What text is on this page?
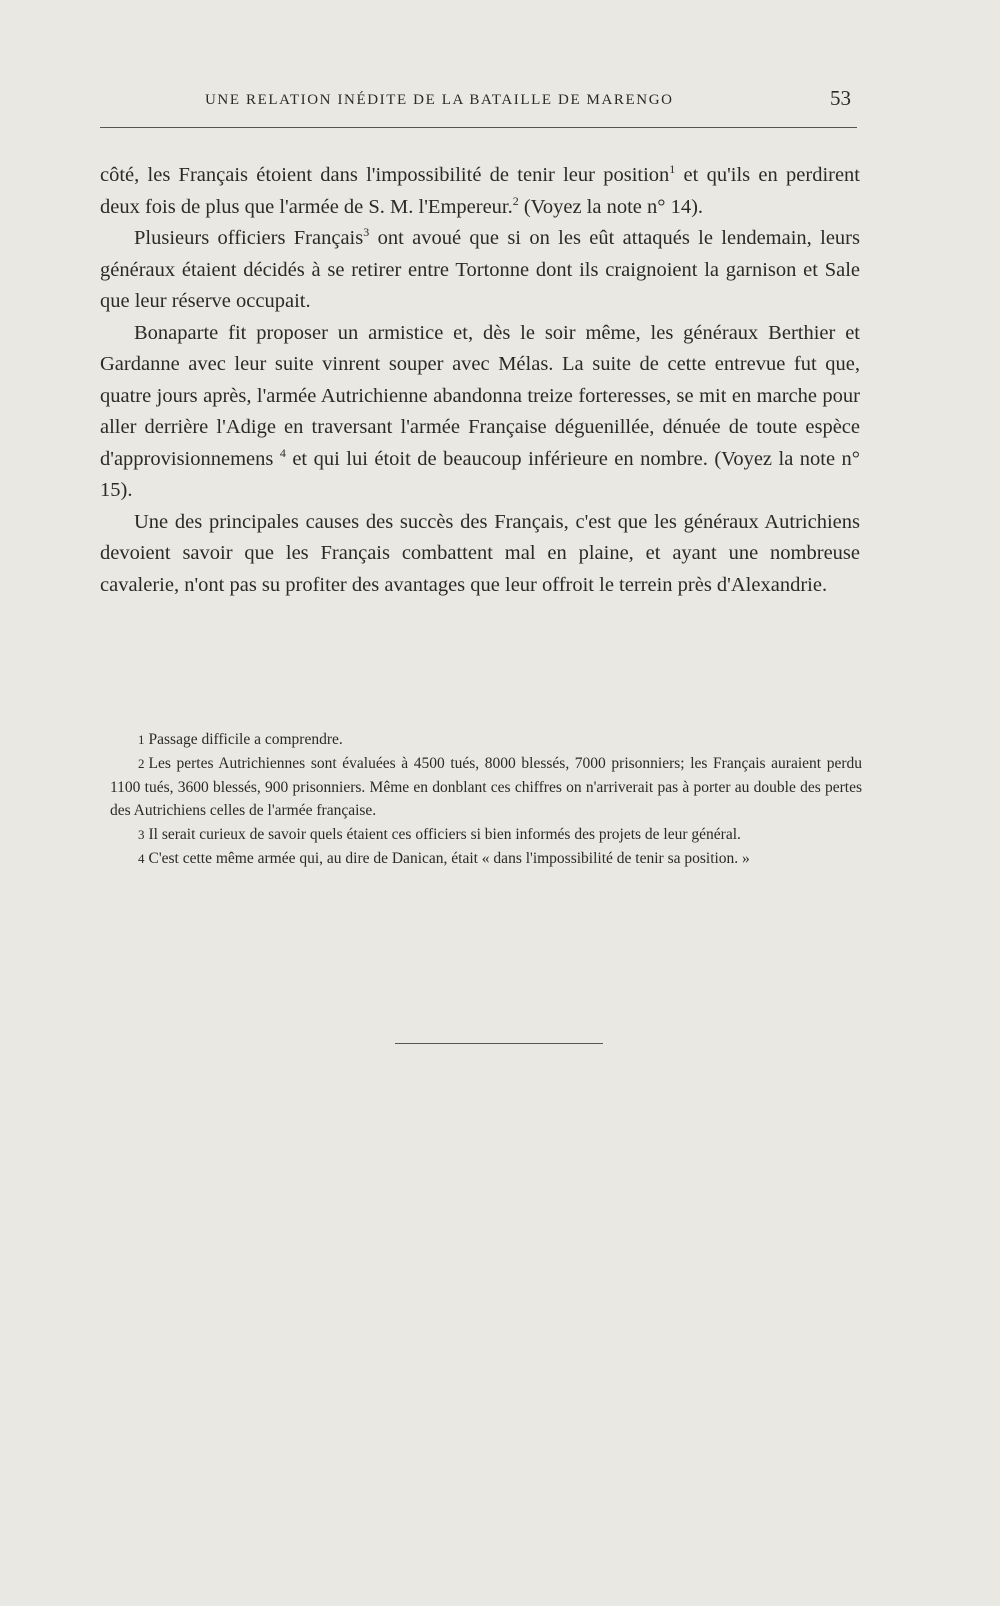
UNE RELATION INÉDITE DE LA BATAILLE DE MARENGO	53

côté, les Français étoient dans l'impossibilité de tenir leur position$^1$ et qu'ils en perdirent deux fois de plus que l'armée de S. M. l'Empereur.$^2$ (Voyez la note n° 14).

Plusieurs officiers Français$^3$ ont avoué que si on les eût attaqués le lendemain, leurs généraux étaient décidés à se retirer entre Tortonne dont ils craignoient la garnison et Sale que leur réserve occupait.

Bonaparte fit proposer un armistice et, dès le soir même, les généraux Berthier et Gardanne avec leur suite vinrent souper avec Mélas. La suite de cette entrevue fut que, quatre jours après, l'armée Autrichienne abandonna treize forteresses, se mit en marche pour aller derrière l'Adige en traversant l'armée Française déguenillée, dénuée de toute espèce d'approvisionnemens $^4$ et qui lui étoit de beaucoup inférieure en nombre. (Voyez la note n° 15).

Une des principales causes des succès des Français, c'est que les généraux Autrichiens devoient savoir que les Français combattent mal en plaine, et ayant une nombreuse cavalerie, n'ont pas su profiter des avantages que leur offroit le terrein près d'Alexandrie.

1 Passage difficile a comprendre.

2 Les pertes Autrichiennes sont évaluées à 4500 tués, 8000 blessés, 7000 prisonniers; les Français auraient perdu 1100 tués, 3600 blessés, 900 prisonniers. Même en donblant ces chiffres on n'arriverait pas à porter au double des pertes des Autrichiens celles de l'armée française.

3 Il serait curieux de savoir quels étaient ces officiers si bien informés des projets de leur général.

4 C'est cette même armée qui, au dire de Danican, était « dans l'impossibilité de tenir sa position. »
